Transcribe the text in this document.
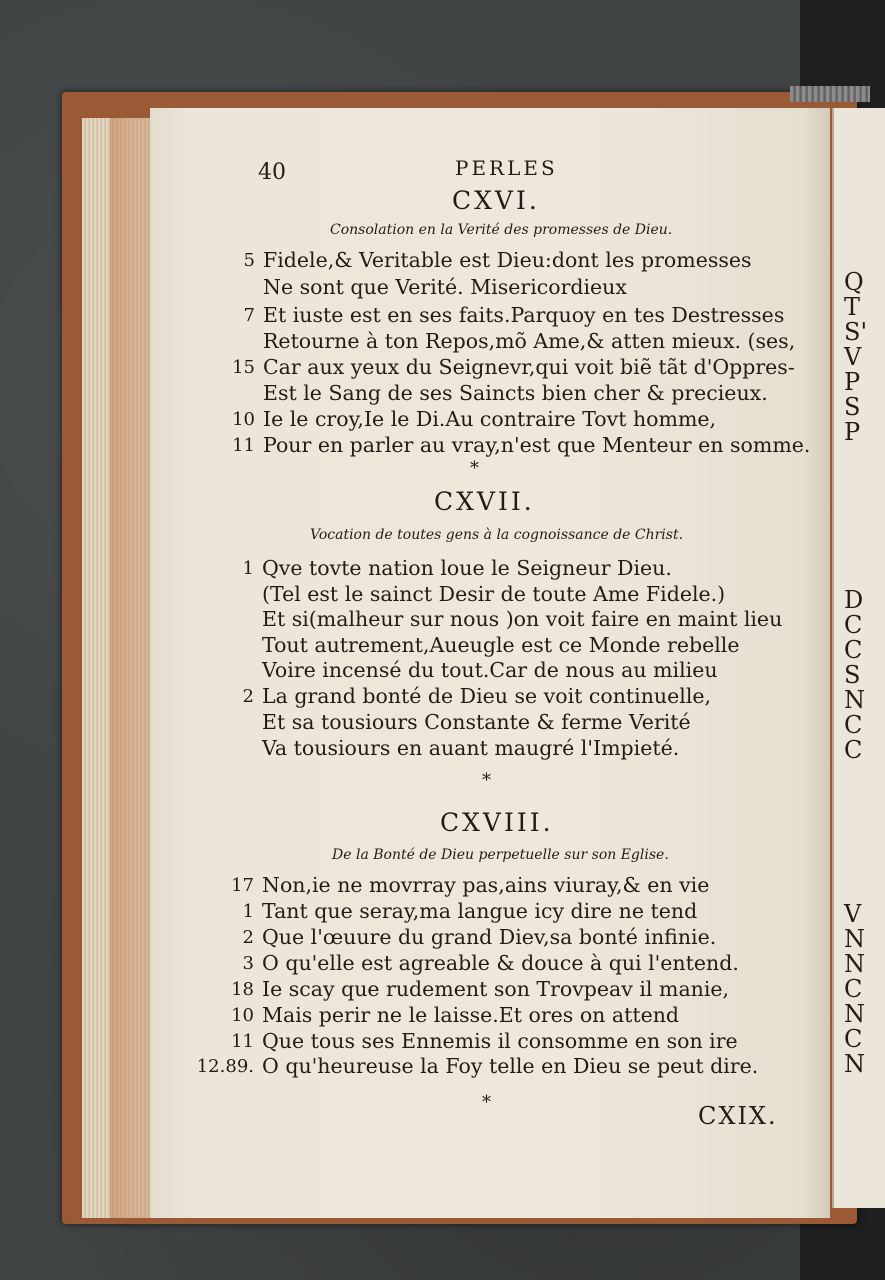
Q
T
S'
V
P
S
P
D
C
C
S
N
C
C
V
N
N
C
N
C
N
40	PERLES
CXVI.
Consolation en la Verité des promesses de Dieu.
5 Fidele,& Veritable est Dieu:dont les promesses
Ne sont que Verité. Misericordieux
7 Et iuste est en ses faits.Parquoy en tes Destresses
Retourne à ton Repos,mõ Ame,& atten mieux. (ses,
15 Car aux yeux du Seignevr,qui voit biẽ tãt d'Oppres-
Est le Sang de ses Saincts bien cher & precieux.
10 Ie le croy,Ie le Di.Au contraire Tovt homme,
11 Pour en parler au vray,n'est que Menteur en somme.
*
CXVII.
Vocation de toutes gens à la cognoissance de Christ.
1 Qve tovte nation loue le Seigneur Dieu.
(Tel est le sainct Desir de toute Ame Fidele.)
Et si(malheur sur nous )on voit faire en maint lieu
Tout autrement,Aueugle est ce Monde rebelle
Voire incensé du tout.Car de nous au milieu
2 La grand bonté de Dieu se voit continuelle,
Et sa tousiours Constante & ferme Verité
Va tousiours en auant maugré l'Impieté.
*
CXVIII.
De la Bonté de Dieu perpetuelle sur son Eglise.
17 Non,ie ne movrray pas,ains viuray,& en vie
1 Tant que seray,ma langue icy dire ne tend
2 Que l'œuure du grand Diev,sa bonté infinie.
3 O qu'elle est agreable & douce à qui l'entend.
18 Ie scay que rudement son Trovpeav il manie,
10 Mais perir ne le laisse.Et ores on attend
11 Que tous ses Ennemis il consomme en son ire
12.89. O qu'heureuse la Foy telle en Dieu se peut dire.
*	CXIX.
